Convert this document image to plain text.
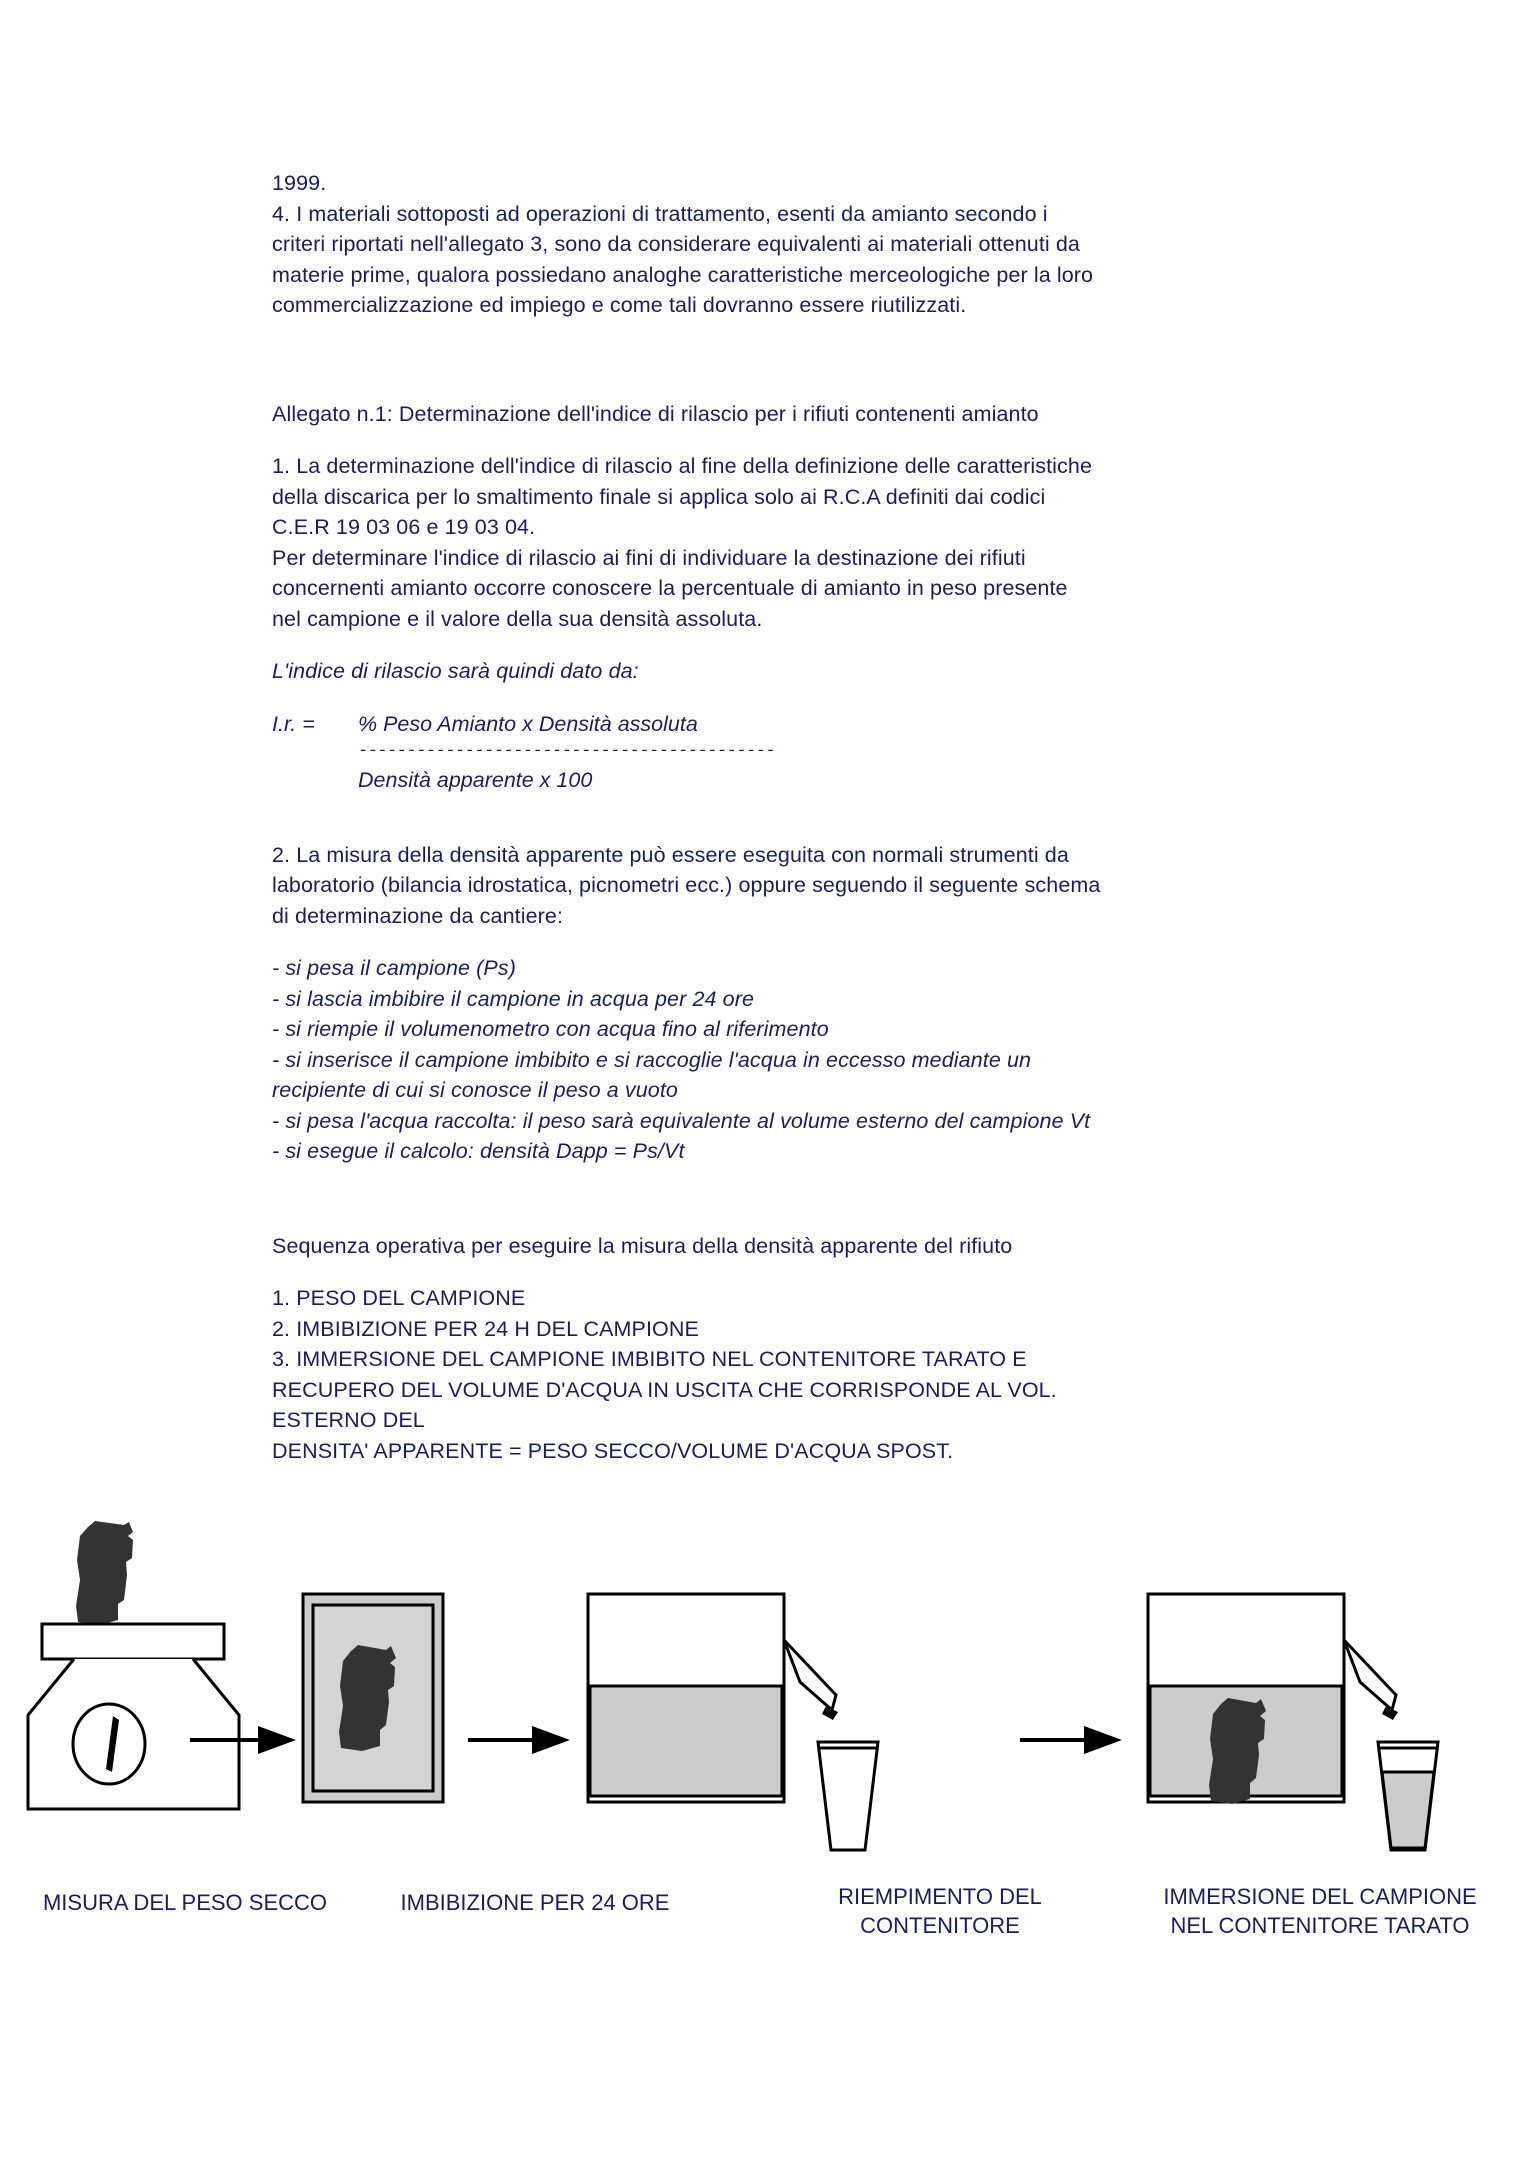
1999.
4. I materiali sottoposti ad operazioni di trattamento, esenti da amianto secondo i
criteri riportati nell'allegato 3, sono da considerare equivalenti ai materiali ottenuti da
materie prime, qualora possiedano analoghe caratteristiche merceologiche per la loro
commercializzazione ed impiego e come tali dovranno essere riutilizzati.
Allegato n.1: Determinazione dell'indice di rilascio per i rifiuti contenenti amianto
1. La determinazione dell'indice di rilascio al fine della definizione delle caratteristiche
della discarica per lo smaltimento finale si applica solo ai R.C.A definiti dai codici
C.E.R 19 03 06 e 19 03 04.
Per determinare l'indice di rilascio ai fini di individuare la destinazione dei rifiuti
concernenti amianto occorre conoscere la percentuale di amianto in peso presente
nel campione e il valore della sua densità assoluta.
L'indice di rilascio sarà quindi dato da:
I.r. =	% Peso Amianto x Densità assoluta
-------------------------------------------
Densità apparente x 100
2. La misura della densità apparente può essere eseguita con normali strumenti da
laboratorio (bilancia idrostatica, picnometri ecc.) oppure seguendo il seguente schema
di determinazione da cantiere:
- si pesa il campione (Ps)
- si lascia imbibire il campione in acqua per 24 ore
- si riempie il volumenometro con acqua fino al riferimento
- si inserisce il campione imbibito e si raccoglie l'acqua in eccesso mediante un
recipiente di cui si conosce il peso a vuoto
- si pesa l'acqua raccolta: il peso sarà equivalente al volume esterno del campione Vt
- si esegue il calcolo: densità Dapp = Ps/Vt
Sequenza operativa per eseguire la misura della densità apparente del rifiuto
1. PESO DEL CAMPIONE
2. IMBIBIZIONE PER 24 H DEL CAMPIONE
3. IMMERSIONE DEL CAMPIONE IMBIBITO NEL CONTENITORE TARATO E
RECUPERO DEL VOLUME D'ACQUA IN USCITA CHE CORRISPONDE AL VOL.
ESTERNO DEL
DENSITA' APPARENTE = PESO SECCO/VOLUME D'ACQUA SPOST.
MISURA DEL PESO SECCO	IMBIBIZIONE PER 24 ORE	RIEMPIMENTO DEL
CONTENITORE
IMMERSIONE DEL CAMPIONE
NEL CONTENITORE TARATO
